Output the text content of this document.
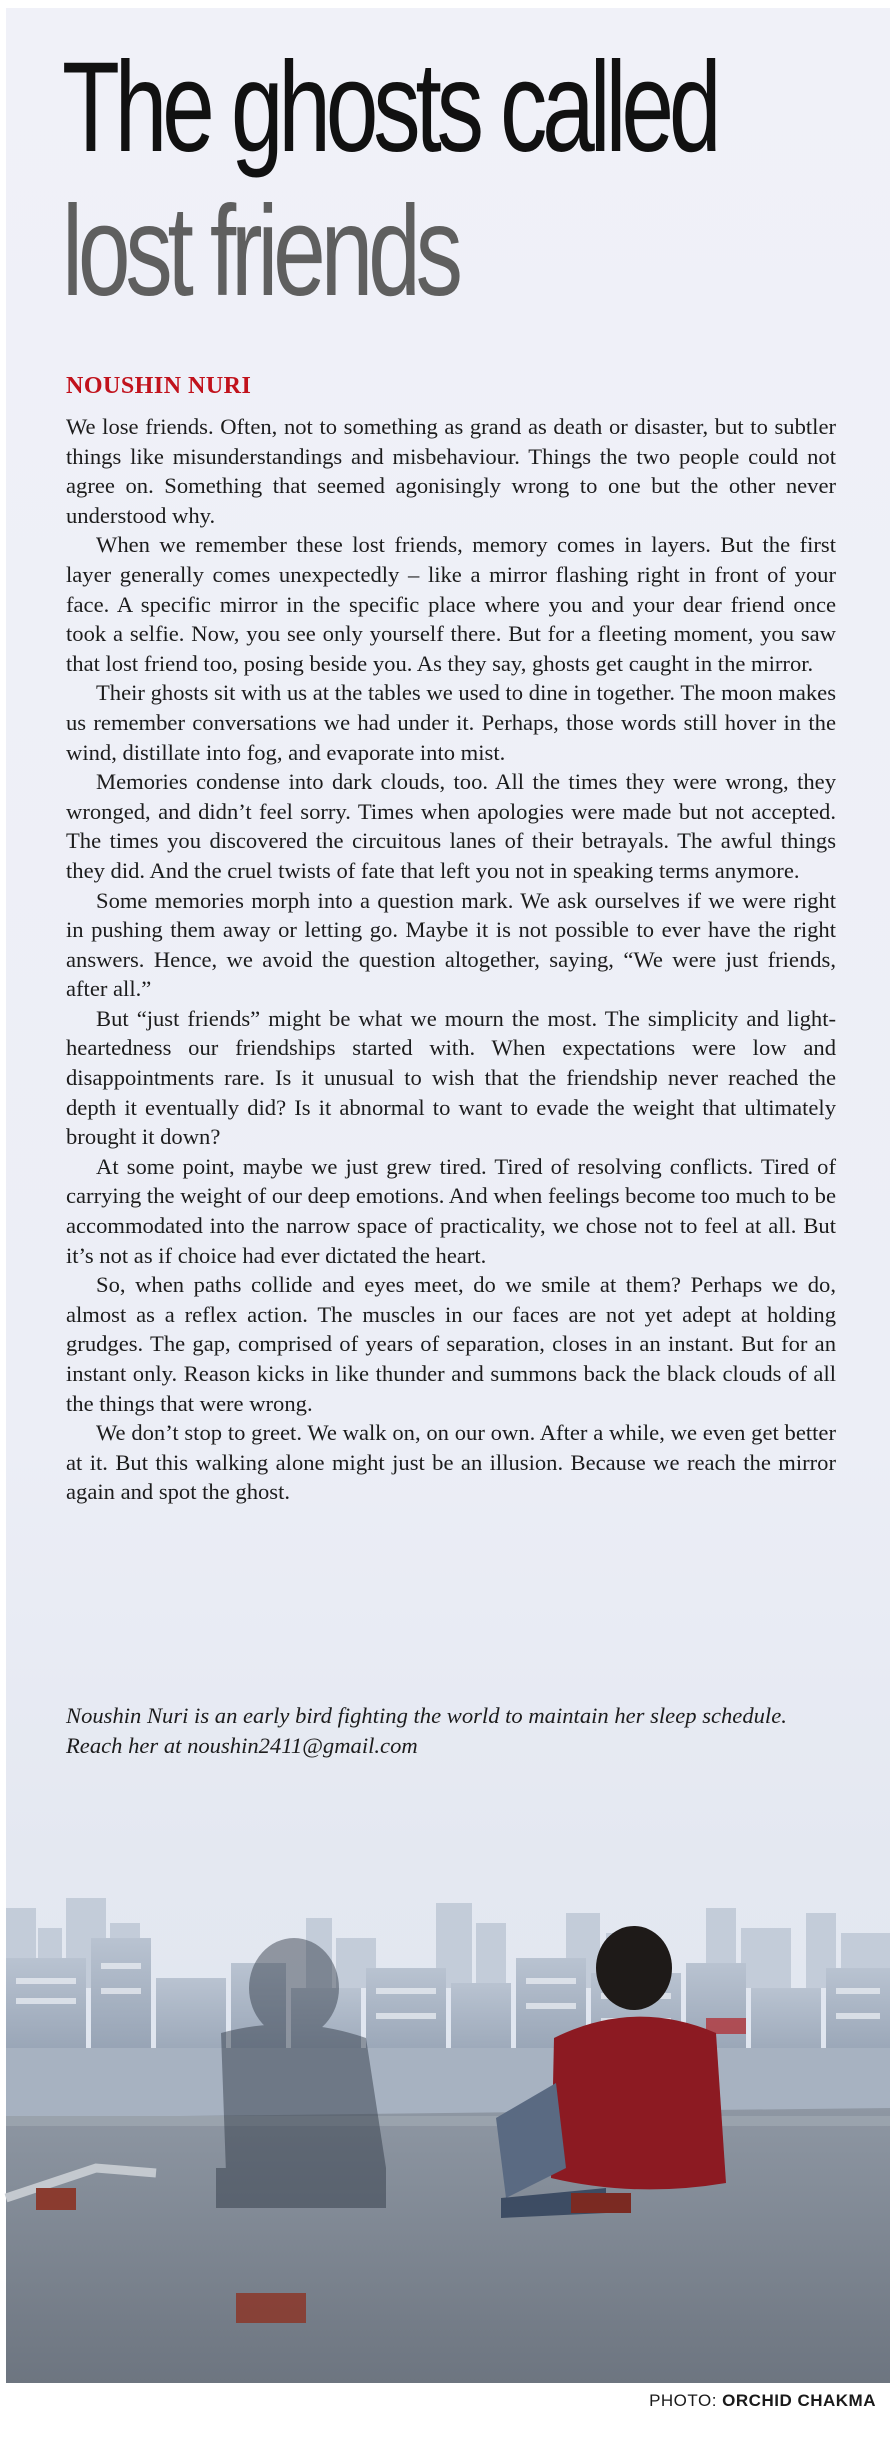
The ghosts called
lost friends
NOUSHIN NURI

We lose friends. Often, not to something as grand as death or disaster, but to subtler things like misunderstandings and misbehaviour. Things the two people could not agree on. Something that seemed agonisingly wrong to one but the other never understood why.

When we remember these lost friends, memory comes in layers. But the first layer generally comes unexpectedly – like a mirror flashing right in front of your face. A specific mirror in the specific place where you and your dear friend once took a selfie. Now, you see only yourself there. But for a fleeting moment, you saw that lost friend too, posing beside you. As they say, ghosts get caught in the mirror.

Their ghosts sit with us at the tables we used to dine in together. The moon makes us remember conversations we had under it. Perhaps, those words still hover in the wind, distillate into fog, and evaporate into mist.

Memories condense into dark clouds, too. All the times they were wrong, they wronged, and didn’t feel sorry. Times when apologies were made but not accepted. The times you discovered the circuitous lanes of their betrayals. The awful things they did. And the cruel twists of fate that left you not in speaking terms anymore.

Some memories morph into a question mark. We ask ourselves if we were right in pushing them away or letting go. Maybe it is not possible to ever have the right answers. Hence, we avoid the question altogether, saying, “We were just friends, after all.”

But “just friends” might be what we mourn the most. The simplicity and light-heartedness our friendships started with. When expectations were low and disappointments rare. Is it unusual to wish that the friendship never reached the depth it eventually did? Is it abnormal to want to evade the weight that ultimately brought it down?

At some point, maybe we just grew tired. Tired of resolving conflicts. Tired of carrying the weight of our deep emotions. And when feelings become too much to be accommodated into the narrow space of practicality, we chose not to feel at all. But it’s not as if choice had ever dictated the heart.

So, when paths collide and eyes meet, do we smile at them? Perhaps we do, almost as a reflex action. The muscles in our faces are not yet adept at holding grudges. The gap, comprised of years of separation, closes in an instant. But for an instant only. Reason kicks in like thunder and summons back the black clouds of all the things that were wrong.

We don’t stop to greet. We walk on, on our own. After a while, we even get better at it. But this walking alone might just be an illusion. Because we reach the mirror again and spot the ghost.

Noushin Nuri is an early bird fighting the world to maintain her sleep schedule. Reach her at noushin2411@gmail.com
PHOTO: ORCHID CHAKMA
